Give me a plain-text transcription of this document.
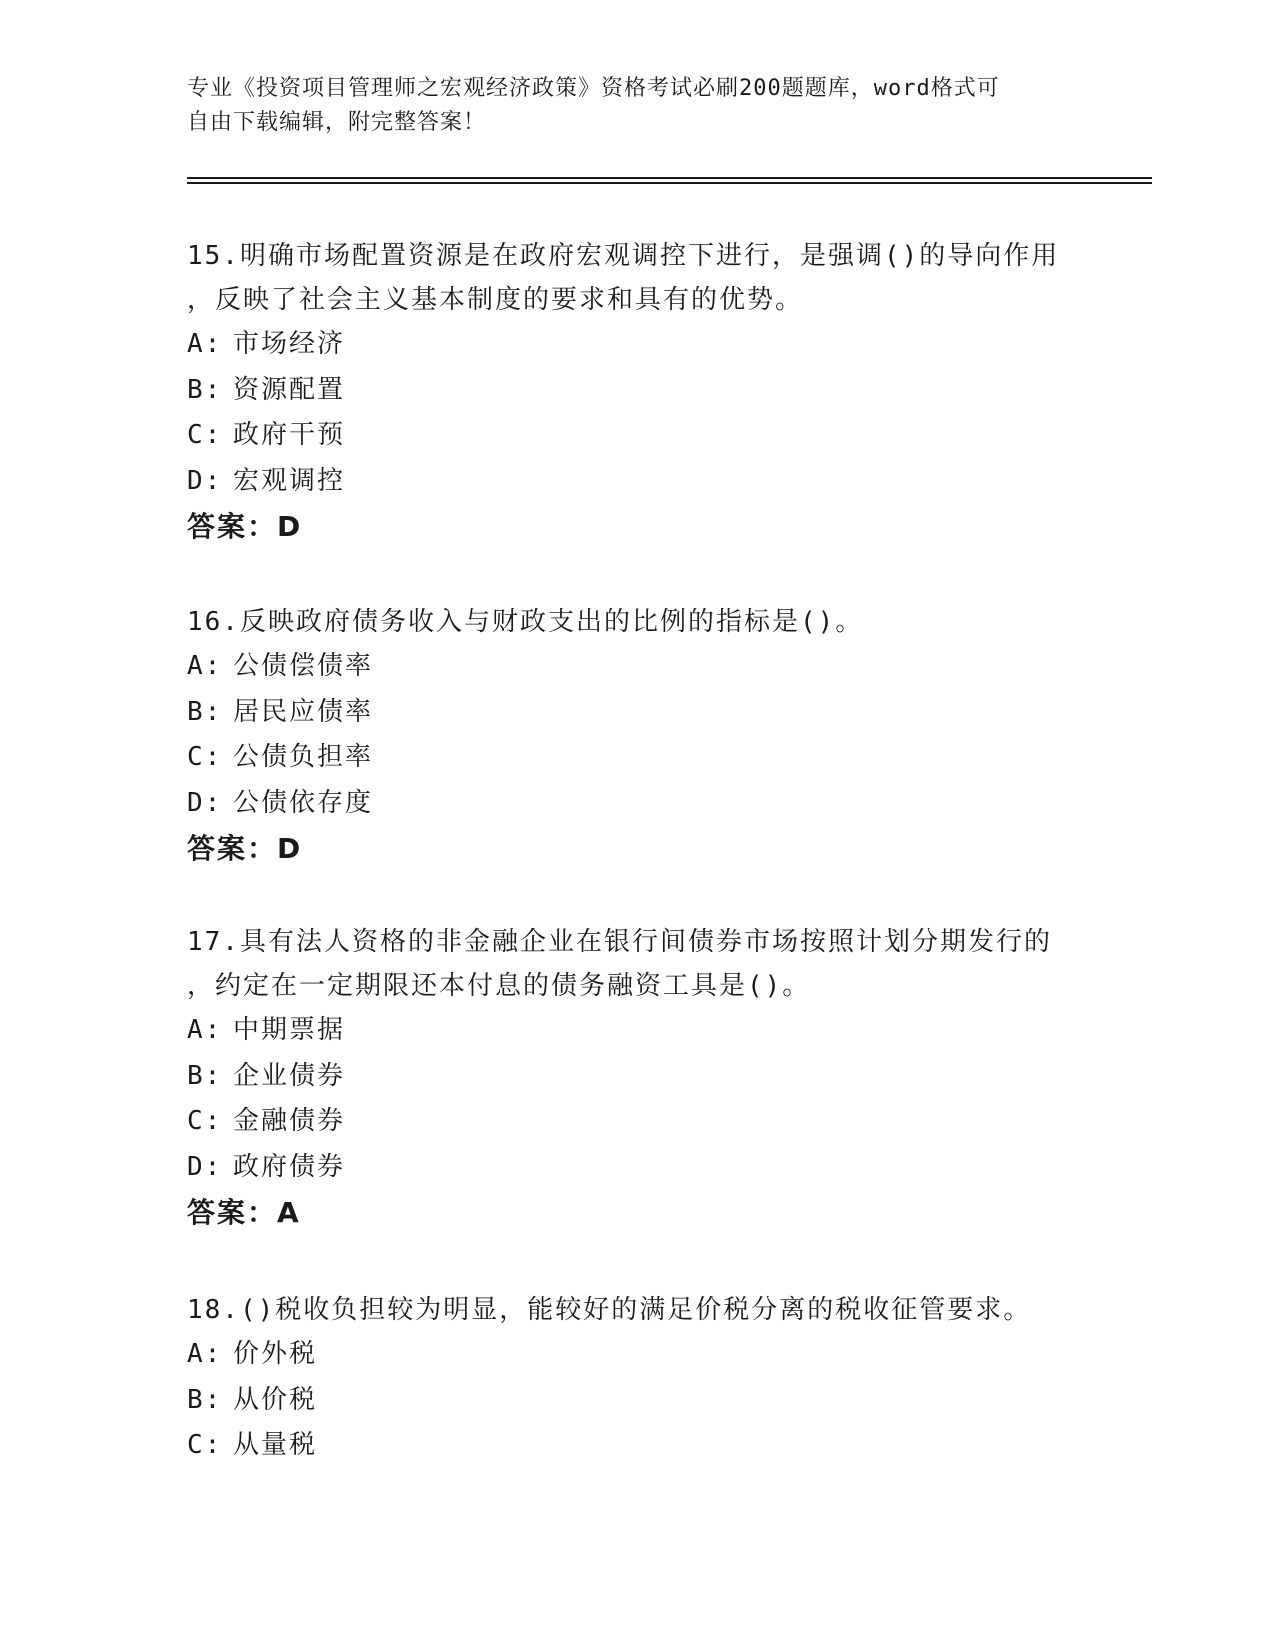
专业《投资项目管理师之宏观经济政策》资格考试必刷200题题库，word格式可
自由下载编辑，附完整答案！

15.明确市场配置资源是在政府宏观调控下进行，是强调()的导向作用

，反映了社会主义基本制度的要求和具有的优势。

A: 市场经济

B: 资源配置

C: 政府干预

D: 宏观调控

答案：D

16.反映政府债务收入与财政支出的比例的指标是()。

A: 公债偿债率

B: 居民应债率

C: 公债负担率

D: 公债依存度

答案：D

17.具有法人资格的非金融企业在银行间债券市场按照计划分期发行的

，约定在一定期限还本付息的债务融资工具是()。

A: 中期票据

B: 企业债券

C: 金融债券

D: 政府债券

答案：A

18.()税收负担较为明显，能较好的满足价税分离的税收征管要求。

A: 价外税

B: 从价税

C: 从量税
